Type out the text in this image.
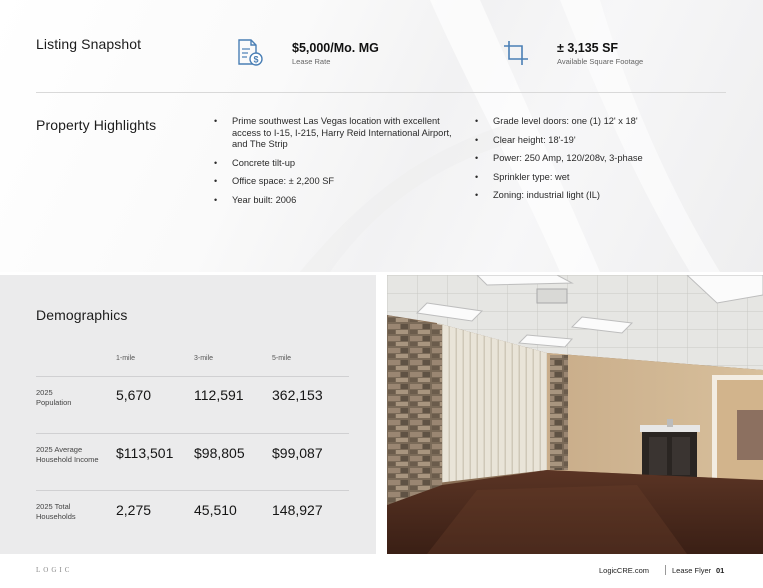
Listing Snapshot
$
$5,000/Mo. MG
Lease Rate
± 3,135 SF
Available Square Footage
Property Highlights
•	Prime southwest Las Vegas location with excellent access to I-15, I-215, Harry Reid International Airport, and The Strip
• Concrete tilt-up
• Office space: ± 2,200 SF
• Year built: 2006
• Grade level doors: one (1) 12' x 18'
• Clear height: 18'-19'
• Power: 250 Amp, 120/208v, 3-phase
• Sprinkler type: wet
• Zoning: industrial light (IL)
Demographics
1-mile	3-mile	5-mile
2025
Population	5,670	112,591 362,153
2025 Average
Household Income $113,501 $98,805 $99,087
2025 Total
Households	2,275	45,510	148,927
LOGIC	LogicCRE.com	Lease Flyer 01
